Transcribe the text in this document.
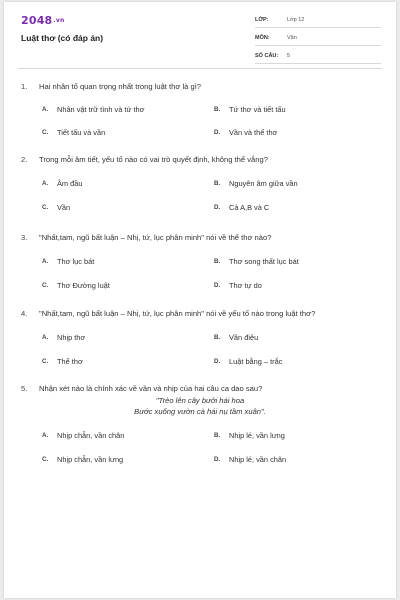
2048.vn
Luật thơ (có đáp án)
LỚP:	Lớp 12
MÔN:	Văn
SỐ CÂU: 5
1. Hai nhân tố quan trọng nhất trong luật thơ là gì?
A. Nhân vật trữ tình và tứ thơ	B. Tứ thơ và tiết tấu
C. Tiết tấu và vần	D. Vần và thể thơ
2. Trong mỗi âm tiết, yếu tố nào có vai trò quyết định, không thể vắng?
A. Âm đầu	B. Nguyên âm giữa vần
C. Vần	D. Cả A,B và C
3. "Nhất,tam, ngũ bất luận – Nhị, tứ, lục phân minh" nói về thể thơ nào?
A. Thơ lục bát	B. Thơ song thất lục bát
C. Thơ Đường luật	D. Thơ tự do
4. "Nhất,tam, ngũ bất luận – Nhị, tứ, lục phân minh" nói về yếu tố nào trong luật thơ?
A. Nhịp thơ	B. Vần điệu
C. Thể thơ	D. Luật bằng – trắc
5. Nhận xét nào là chính xác về vần và nhịp của hai câu ca dao sau?
"Trèo lên cây bưởi hái hoa
Bước xuống vườn cà hái nụ tầm xuân".
A. Nhịp chẵn, vần chân	B. Nhịp lẻ, vần lưng
C. Nhịp chẵn, vần lưng	D. Nhịp lẻ, vần chân
